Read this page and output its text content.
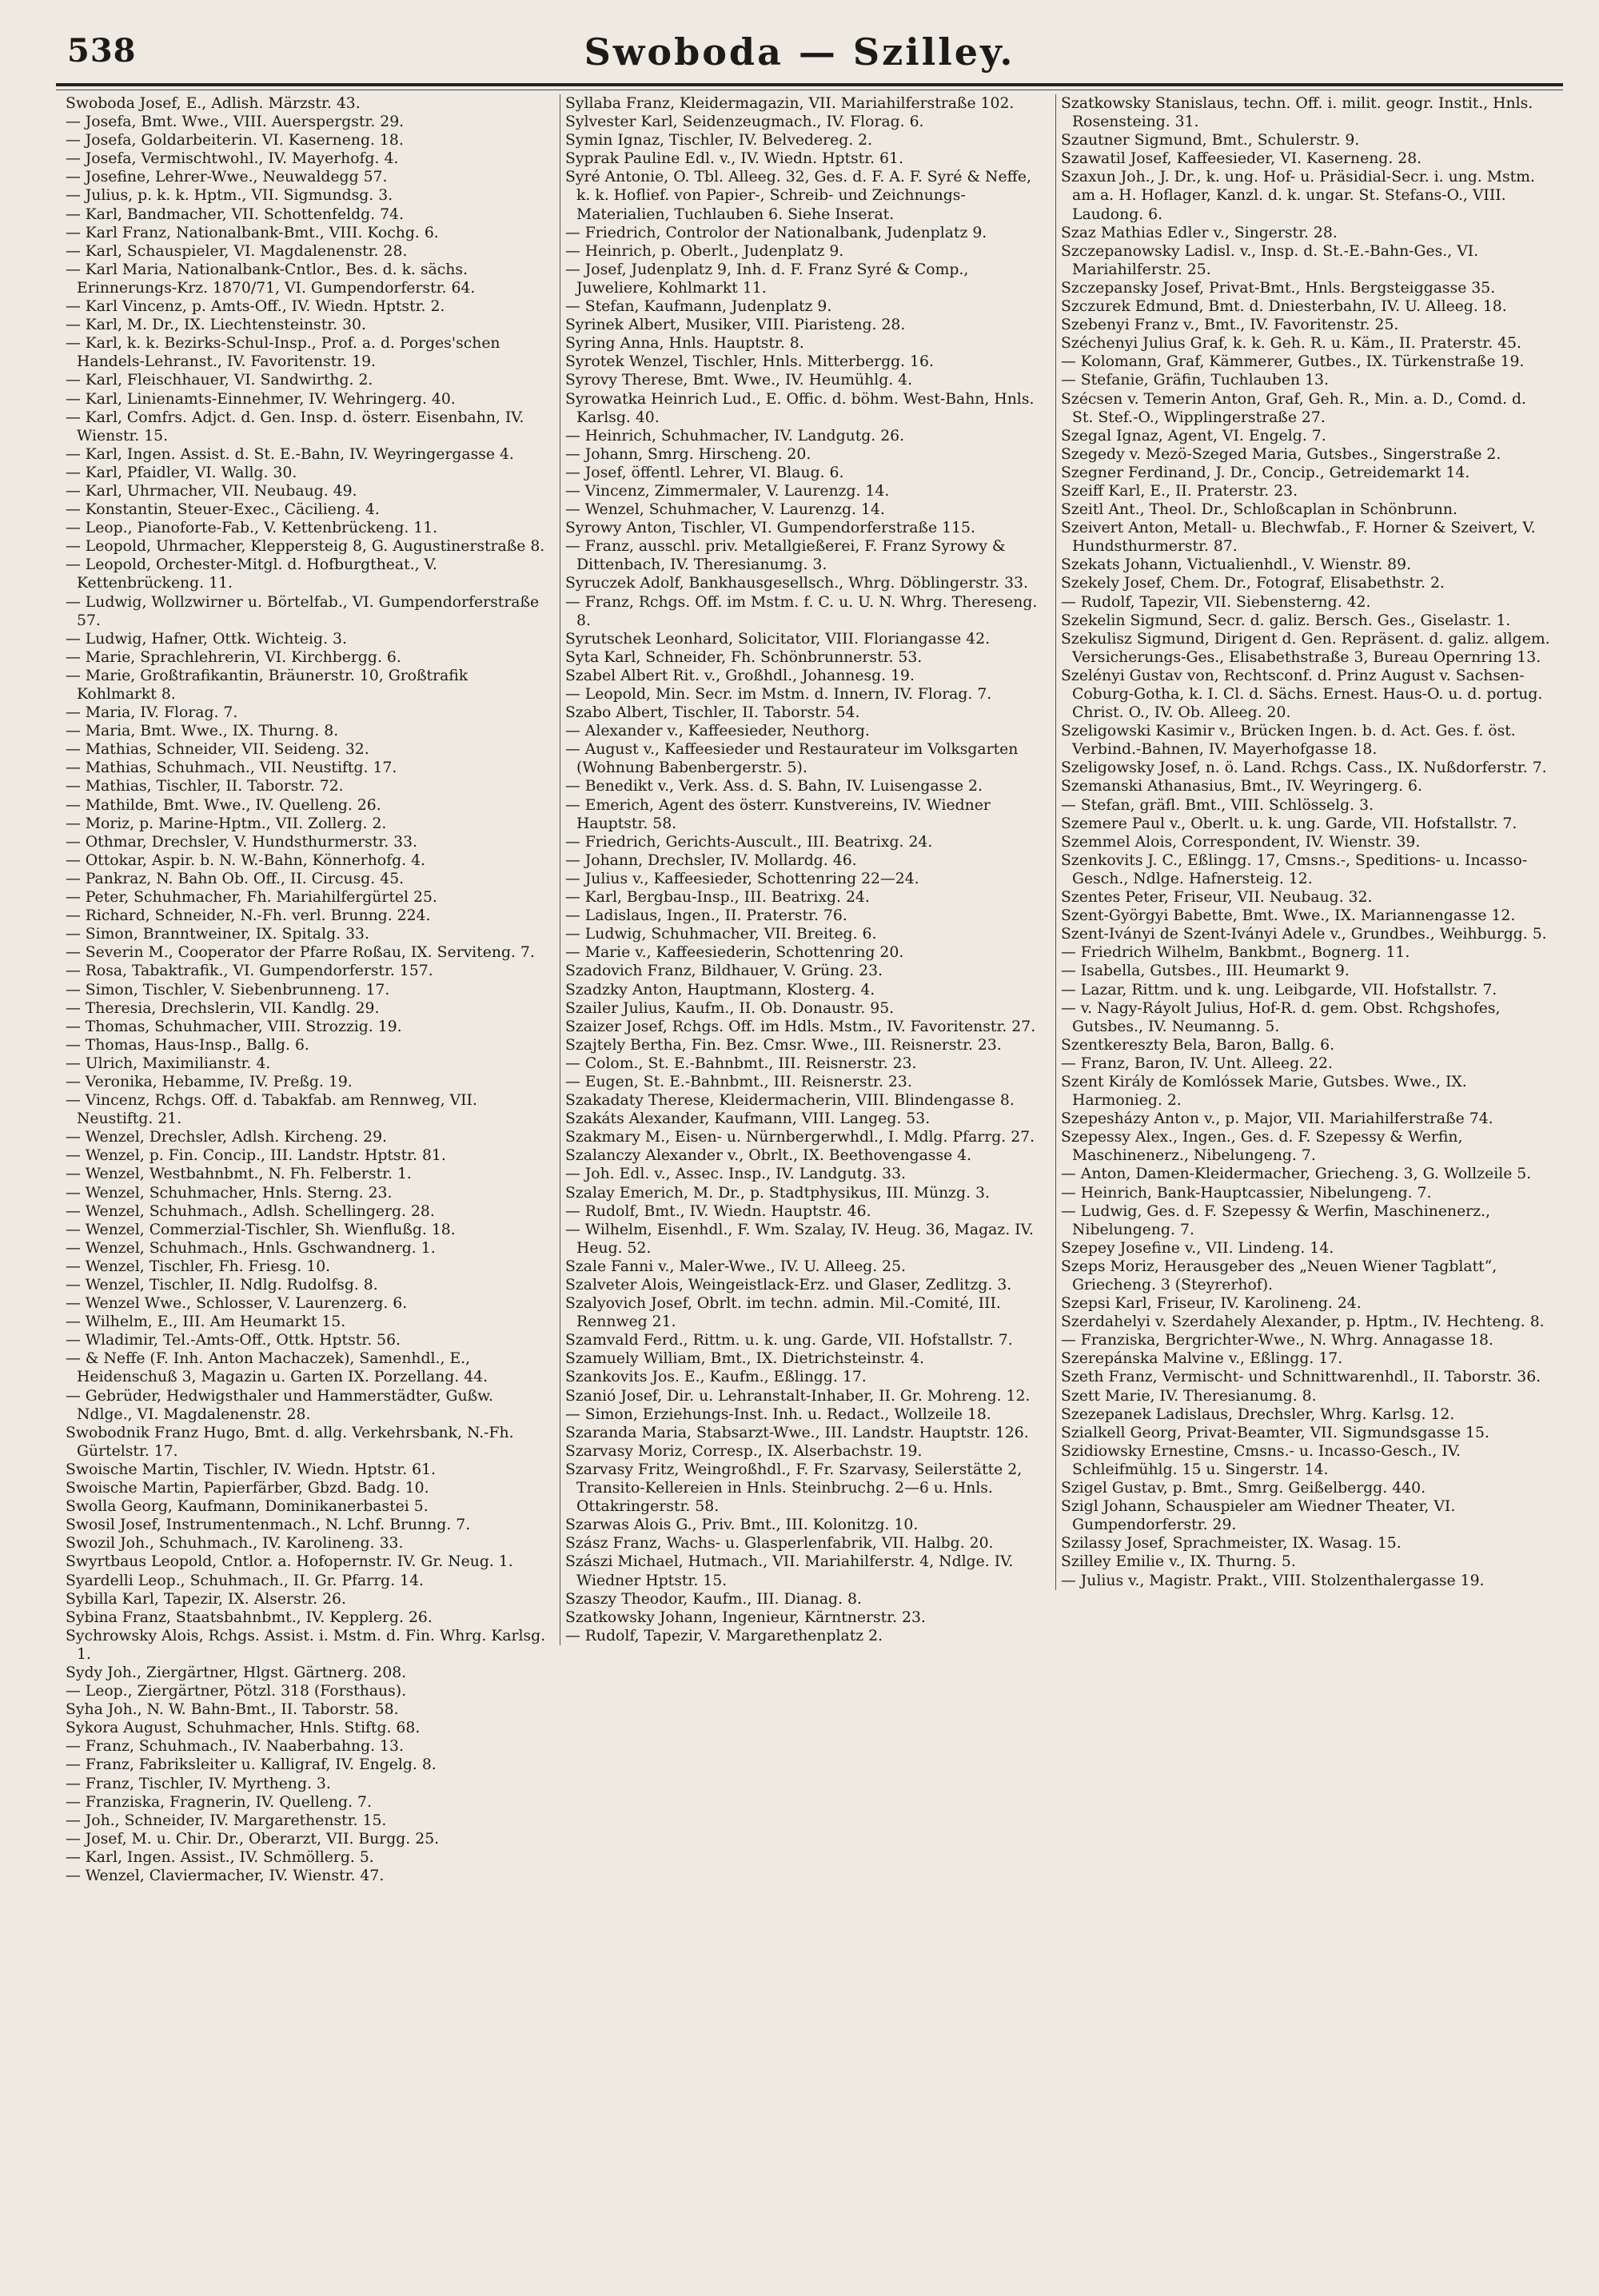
538	Swoboda — Szilley.
Swoboda Josef, E., Adlish. Märzstr. 43.
— Josefa, Bmt. Wwe., VIII. Auerspergstr. 29.
— Josefa, Goldarbeiterin. VI. Kaserneng. 18.
— Josefa, Vermischtwohl., IV. Mayerhofg. 4.
— Josefine, Lehrer-Wwe., Neuwaldegg 57.
— Julius, p. k. k. Hptm., VII. Sigmundsg. 3.
— Karl, Bandmacher, VII. Schottenfeldg. 74.
— Karl Franz, Nationalbank-Bmt., VIII. Kochg. 6.
— Karl, Schauspieler, VI. Magdalenenstr. 28.
— Karl Maria, Nationalbank-Cntlor., Bes. d. k. sächs. Erinnerungs-Krz. 1870/71, VI. Gumpendorferstr. 64.
— Karl Vincenz, p. Amts-Off., IV. Wiedn. Hptstr. 2.
— Karl, M. Dr., IX. Liechtensteinstr. 30.
— Karl, k. k. Bezirks-Schul-Insp., Prof. a. d. Porges'schen Handels-Lehranst., IV. Favoritenstr. 19.
— Karl, Fleischhauer, VI. Sandwirthg. 2.
— Karl, Linienamts-Einnehmer, IV. Wehringerg. 40.
— Karl, Comfrs. Adjct. d. Gen. Insp. d. österr. Eisenbahn, IV. Wienstr. 15.
— Karl, Ingen. Assist. d. St. E.-Bahn, IV. Weyringergasse 4.
— Karl, Pfaidler, VI. Wallg. 30.
— Karl, Uhrmacher, VII. Neubaug. 49.
— Konstantin, Steuer-Exec., Cäcilieng. 4.
— Leop., Pianoforte-Fab., V. Kettenbrückeng. 11.
— Leopold, Uhrmacher, Kleppersteig 8, G. Augustinerstraße 8.
— Leopold, Orchester-Mitgl. d. Hofburgtheat., V. Kettenbrückeng. 11.
— Ludwig, Wollzwirner u. Börtelfab., VI. Gumpendorferstraße 57.
— Ludwig, Hafner, Ottk. Wichteig. 3.
— Marie, Sprachlehrerin, VI. Kirchbergg. 6.
— Marie, Großtrafikantin, Bräunerstr. 10, Großtrafik Kohlmarkt 8.
— Maria, IV. Florag. 7.
— Maria, Bmt. Wwe., IX. Thurng. 8.
— Mathias, Schneider, VII. Seideng. 32.
— Mathias, Schuhmach., VII. Neustiftg. 17.
— Mathias, Tischler, II. Taborstr. 72.
— Mathilde, Bmt. Wwe., IV. Quelleng. 26.
— Moriz, p. Marine-Hptm., VII. Zollerg. 2.
— Othmar, Drechsler, V. Hundsthurmerstr. 33.
— Ottokar, Aspir. b. N. W.-Bahn, Könnerhofg. 4.
— Pankraz, N. Bahn Ob. Off., II. Circusg. 45.
— Peter, Schuhmacher, Fh. Mariahilfergürtel 25.
— Richard, Schneider, N.-Fh. verl. Brunng. 224.
— Simon, Branntweiner, IX. Spitalg. 33.
— Severin M., Cooperator der Pfarre Roßau, IX. Serviteng. 7.
— Rosa, Tabaktrafik., VI. Gumpendorferstr. 157.
— Simon, Tischler, V. Siebenbrunneng. 17.
— Theresia, Drechslerin, VII. Kandlg. 29.
— Thomas, Schuhmacher, VIII. Strozzig. 19.
— Thomas, Haus-Insp., Ballg. 6.
— Ulrich, Maximilianstr. 4.
— Veronika, Hebamme, IV. Preßg. 19.
— Vincenz, Rchgs. Off. d. Tabakfab. am Rennweg, VII. Neustiftg. 21.
— Wenzel, Drechsler, Adlsh. Kircheng. 29.
— Wenzel, p. Fin. Concip., III. Landstr. Hptstr. 81.
— Wenzel, Westbahnbmt., N. Fh. Felberstr. 1.
— Wenzel, Schuhmacher, Hnls. Sterng. 23.
— Wenzel, Schuhmach., Adlsh. Schellingerg. 28.
— Wenzel, Commerzial-Tischler, Sh. Wienflußg. 18.
— Wenzel, Schuhmach., Hnls. Gschwandnerg. 1.
— Wenzel, Tischler, Fh. Friesg. 10.
— Wenzel, Tischler, II. Ndlg. Rudolfsg. 8.
— Wenzel Wwe., Schlosser, V. Laurenzerg. 6.
— Wilhelm, E., III. Am Heumarkt 15.
— Wladimir, Tel.-Amts-Off., Ottk. Hptstr. 56.
— & Neffe (F. Inh. Anton Machaczek), Samenhdl., E., Heidenschuß 3, Magazin u. Garten IX. Porzellang. 44.
— Gebrüder, Hedwigsthaler und Hammerstädter, Gußw. Ndlge., VI. Magdalenenstr. 28.
Swobodnik Franz Hugo, Bmt. d. allg. Verkehrsbank, N.-Fh. Gürtelstr. 17.
Swoische Martin, Tischler, IV. Wiedn. Hptstr. 61.
Swoische Martin, Papierfärber, Gbzd. Badg. 10.
Swolla Georg, Kaufmann, Dominikanerbastei 5.
Swosil Josef, Instrumentenmach., N. Lchf. Brunng. 7.
Swozil Joh., Schuhmach., IV. Karolineng. 33.
Swyrtbaus Leopold, Cntlor. a. Hofopernstr. IV. Gr. Neug. 1.
Syardelli Leop., Schuhmach., II. Gr. Pfarrg. 14.
Sybilla Karl, Tapezir, IX. Alserstr. 26.
Sybina Franz, Staatsbahnbmt., IV. Kepplerg. 26.
Sychrowsky Alois, Rchgs. Assist. i. Mstm. d. Fin. Whrg. Karlsg. 1.
Sydy Joh., Ziergärtner, Hlgst. Gärtnerg. 208.
— Leop., Ziergärtner, Pötzl. 318 (Forsthaus).
Syha Joh., N. W. Bahn-Bmt., II. Taborstr. 58.
Sykora August, Schuhmacher, Hnls. Stiftg. 68.
— Franz, Schuhmach., IV. Naaberbahng. 13.
— Franz, Fabriksleiter u. Kalligraf, IV. Engelg. 8.
— Franz, Tischler, IV. Myrtheng. 3.
— Franziska, Fragnerin, IV. Quelleng. 7.
— Joh., Schneider, IV. Margarethenstr. 15.
— Josef, M. u. Chir. Dr., Oberarzt, VII. Burgg. 25.
— Karl, Ingen. Assist., IV. Schmöllerg. 5.
— Wenzel, Claviermacher, IV. Wienstr. 47.
Syllaba Franz, Kleidermagazin, VII. Mariahilferstraße 102.
Sylvester Karl, Seidenzeugmach., IV. Florag. 6.
Symin Ignaz, Tischler, IV. Belvedereg. 2.
Syprak Pauline Edl. v., IV. Wiedn. Hptstr. 61.
Syré Antonie, O. Tbl. Alleeg. 32, Ges. d. F. A. F. Syré & Neffe, k. k. Hoflief. von Papier-, Schreib- und Zeichnungs-Materialien, Tuchlauben 6. Siehe Inserat.
— Friedrich, Controlor der Nationalbank, Judenplatz 9.
— Heinrich, p. Oberlt., Judenplatz 9.
— Josef, Judenplatz 9, Inh. d. F. Franz Syré & Comp., Juweliere, Kohlmarkt 11.
— Stefan, Kaufmann, Judenplatz 9.
Syrinek Albert, Musiker, VIII. Piaristeng. 28.
Syring Anna, Hnls. Hauptstr. 8.
Syrotek Wenzel, Tischler, Hnls. Mitterbergg. 16.
Syrovy Therese, Bmt. Wwe., IV. Heumühlg. 4.
Syrowatka Heinrich Lud., E. Offic. d. böhm. West-Bahn, Hnls. Karlsg. 40.
— Heinrich, Schuhmacher, IV. Landgutg. 26.
— Johann, Smrg. Hirscheng. 20.
— Josef, öffentl. Lehrer, VI. Blaug. 6.
— Vincenz, Zimmermaler, V. Laurenzg. 14.
— Wenzel, Schuhmacher, V. Laurenzg. 14.
Syrowy Anton, Tischler, VI. Gumpendorferstraße 115.
— Franz, ausschl. priv. Metallgießerei, F. Franz Syrowy & Dittenbach, IV. Theresianumg. 3.
Syruczek Adolf, Bankhausgesellsch., Whrg. Döblingerstr. 33.
— Franz, Rchgs. Off. im Mstm. f. C. u. U. N. Whrg. Thereseng. 8.
Syrutschek Leonhard, Solicitator, VIII. Floriangasse 42.
Syta Karl, Schneider, Fh. Schönbrunnerstr. 53.
Szabel Albert Rit. v., Großhdl., Johannesg. 19.
— Leopold, Min. Secr. im Mstm. d. Innern, IV. Florag. 7.
Szabo Albert, Tischler, II. Taborstr. 54.
— Alexander v., Kaffeesieder, Neuthorg.
— August v., Kaffeesieder und Restaurateur im Volksgarten (Wohnung Babenbergerstr. 5).
— Benedikt v., Verk. Ass. d. S. Bahn, IV. Luisengasse 2.
— Emerich, Agent des österr. Kunstvereins, IV. Wiedner Hauptstr. 58.
— Friedrich, Gerichts-Auscult., III. Beatrixg. 24.
— Johann, Drechsler, IV. Mollardg. 46.
— Julius v., Kaffeesieder, Schottenring 22—24.
— Karl, Bergbau-Insp., III. Beatrixg. 24.
— Ladislaus, Ingen., II. Praterstr. 76.
— Ludwig, Schuhmacher, VII. Breiteg. 6.
— Marie v., Kaffeesiederin, Schottenring 20.
Szadovich Franz, Bildhauer, V. Grüng. 23.
Szadzky Anton, Hauptmann, Klosterg. 4.
Szailer Julius, Kaufm., II. Ob. Donaustr. 95.
Szaizer Josef, Rchgs. Off. im Hdls. Mstm., IV. Favoritenstr. 27.
Szajtely Bertha, Fin. Bez. Cmsr. Wwe., III. Reisnerstr. 23.
— Colom., St. E.-Bahnbmt., III. Reisnerstr. 23.
— Eugen, St. E.-Bahnbmt., III. Reisnerstr. 23.
Szakadaty Therese, Kleidermacherin, VIII. Blindengasse 8.
Szakáts Alexander, Kaufmann, VIII. Langeg. 53.
Szakmary M., Eisen- u. Nürnbergerwhdl., I. Mdlg. Pfarrg. 27.
Szalanczy Alexander v., Obrlt., IX. Beethovengasse 4.
— Joh. Edl. v., Assec. Insp., IV. Landgutg. 33.
Szalay Emerich, M. Dr., p. Stadtphysikus, III. Münzg. 3.
— Rudolf, Bmt., IV. Wiedn. Hauptstr. 46.
— Wilhelm, Eisenhdl., F. Wm. Szalay, IV. Heug. 36, Magaz. IV. Heug. 52.
Szale Fanni v., Maler-Wwe., IV. U. Alleeg. 25.
Szalveter Alois, Weingeistlack-Erz. und Glaser, Zedlitzg. 3.
Szalyovich Josef, Obrlt. im techn. admin. Mil.-Comité, III. Rennweg 21.
Szamvald Ferd., Rittm. u. k. ung. Garde, VII. Hofstallstr. 7.
Szamuely William, Bmt., IX. Dietrichsteinstr. 4.
Szankovits Jos. E., Kaufm., Eßlingg. 17.
Szanió Josef, Dir. u. Lehranstalt-Inhaber, II. Gr. Mohreng. 12.
— Simon, Erziehungs-Inst. Inh. u. Redact., Wollzeile 18.
Szaranda Maria, Stabsarzt-Wwe., III. Landstr. Hauptstr. 126.
Szarvasy Moriz, Corresp., IX. Alserbachstr. 19.
Szarvasy Fritz, Weingroßhdl., F. Fr. Szarvasy, Seilerstätte 2, Transito-Kellereien in Hnls. Steinbruchg. 2—6 u. Hnls. Ottakringerstr. 58.
Szarwas Alois G., Priv. Bmt., III. Kolonitzg. 10.
Szász Franz, Wachs- u. Glasperlenfabrik, VII. Halbg. 20.
Szászi Michael, Hutmach., VII. Mariahilferstr. 4, Ndlge. IV. Wiedner Hptstr. 15.
Szaszy Theodor, Kaufm., III. Dianag. 8.
Szatkowsky Johann, Ingenieur, Kärntnerstr. 23.
— Rudolf, Tapezir, V. Margarethenplatz 2.
Szatkowsky Stanislaus, techn. Off. i. milit. geogr. Instit., Hnls. Rosensteing. 31.
Szautner Sigmund, Bmt., Schulerstr. 9.
Szawatil Josef, Kaffeesieder, VI. Kaserneng. 28.
Szaxun Joh., J. Dr., k. ung. Hof- u. Präsidial-Secr. i. ung. Mstm. am a. H. Hoflager, Kanzl. d. k. ungar. St. Stefans-O., VIII. Laudong. 6.
Szaz Mathias Edler v., Singerstr. 28.
Szczepanowsky Ladisl. v., Insp. d. St.-E.-Bahn-Ges., VI. Mariahilferstr. 25.
Szczepansky Josef, Privat-Bmt., Hnls. Bergsteiggasse 35.
Szczurek Edmund, Bmt. d. Dniesterbahn, IV. U. Alleeg. 18.
Szebenyi Franz v., Bmt., IV. Favoritenstr. 25.
Széchenyi Julius Graf, k. k. Geh. R. u. Käm., II. Praterstr. 45.
— Kolomann, Graf, Kämmerer, Gutbes., IX. Türkenstraße 19.
— Stefanie, Gräfin, Tuchlauben 13.
Szécsen v. Temerin Anton, Graf, Geh. R., Min. a. D., Comd. d. St. Stef.-O., Wipplingerstraße 27.
Szegal Ignaz, Agent, VI. Engelg. 7.
Szegedy v. Mezö-Szeged Maria, Gutsbes., Singerstraße 2.
Szegner Ferdinand, J. Dr., Concip., Getreidemarkt 14.
Szeiff Karl, E., II. Praterstr. 23.
Szeitl Ant., Theol. Dr., Schloßcaplan in Schönbrunn.
Szeivert Anton, Metall- u. Blechwfab., F. Horner & Szeivert, V. Hundsthurmerstr. 87.
Szekats Johann, Victualienhdl., V. Wienstr. 89.
Szekely Josef, Chem. Dr., Fotograf, Elisabethstr. 2.
— Rudolf, Tapezir, VII. Siebensterng. 42.
Szekelin Sigmund, Secr. d. galiz. Bersch. Ges., Giselastr. 1.
Szekulisz Sigmund, Dirigent d. Gen. Repräsent. d. galiz. allgem. Versicherungs-Ges., Elisabethstraße 3, Bureau Opernring 13.
Szelényi Gustav von, Rechtsconf. d. Prinz August v. Sachsen-Coburg-Gotha, k. I. Cl. d. Sächs. Ernest. Haus-O. u. d. portug. Christ. O., IV. Ob. Alleeg. 20.
Szeligowski Kasimir v., Brücken Ingen. b. d. Act. Ges. f. öst. Verbind.-Bahnen, IV. Mayerhofgasse 18.
Szeligowsky Josef, n. ö. Land. Rchgs. Cass., IX. Nußdorferstr. 7.
Szemanski Athanasius, Bmt., IV. Weyringerg. 6.
— Stefan, gräfl. Bmt., VIII. Schlösselg. 3.
Szemere Paul v., Oberlt. u. k. ung. Garde, VII. Hofstallstr. 7.
Szemmel Alois, Correspondent, IV. Wienstr. 39.
Szenkovits J. C., Eßlingg. 17, Cmsns.-, Speditions- u. Incasso-Gesch., Ndlge. Hafnersteig. 12.
Szentes Peter, Friseur, VII. Neubaug. 32.
Szent-Györgyi Babette, Bmt. Wwe., IX. Mariannengasse 12.
Szent-Iványi de Szent-Iványi Adele v., Grundbes., Weihburgg. 5.
— Friedrich Wilhelm, Bankbmt., Bognerg. 11.
— Isabella, Gutsbes., III. Heumarkt 9.
— Lazar, Rittm. und k. ung. Leibgarde, VII. Hofstallstr. 7.
— v. Nagy-Ráyolt Julius, Hof-R. d. gem. Obst. Rchgshofes, Gutsbes., IV. Neumanng. 5.
Szentkereszty Bela, Baron, Ballg. 6.
— Franz, Baron, IV. Unt. Alleeg. 22.
Szent Király de Komlóssek Marie, Gutsbes. Wwe., IX. Harmonieg. 2.
Szepesházy Anton v., p. Major, VII. Mariahilferstraße 74.
Szepessy Alex., Ingen., Ges. d. F. Szepessy & Werfin, Maschinenerz., Nibelungeng. 7.
— Anton, Damen-Kleidermacher, Griecheng. 3, G. Wollzeile 5.
— Heinrich, Bank-Hauptcassier, Nibelungeng. 7.
— Ludwig, Ges. d. F. Szepessy & Werfin, Maschinenerz., Nibelungeng. 7.
Szepey Josefine v., VII. Lindeng. 14.
Szeps Moriz, Herausgeber des „Neuen Wiener Tagblatt“, Griecheng. 3 (Steyrerhof).
Szepsi Karl, Friseur, IV. Karolineng. 24.
Szerdahelyi v. Szerdahely Alexander, p. Hptm., IV. Hechteng. 8.
— Franziska, Bergrichter-Wwe., N. Whrg. Annagasse 18.
Szerepánska Malvine v., Eßlingg. 17.
Szeth Franz, Vermischt- und Schnittwarenhdl., II. Taborstr. 36.
Szett Marie, IV. Theresianumg. 8.
Szezepanek Ladislaus, Drechsler, Whrg. Karlsg. 12.
Szialkell Georg, Privat-Beamter, VII. Sigmundsgasse 15.
Szidiowsky Ernestine, Cmsns.- u. Incasso-Gesch., IV. Schleifmühlg. 15 u. Singerstr. 14.
Szigel Gustav, p. Bmt., Smrg. Geißelbergg. 440.
Szigl Johann, Schauspieler am Wiedner Theater, VI. Gumpendorferstr. 29.
Szilassy Josef, Sprachmeister, IX. Wasag. 15.
Szilley Emilie v., IX. Thurng. 5.
— Julius v., Magistr. Prakt., VIII. Stolzenthalergasse 19.
